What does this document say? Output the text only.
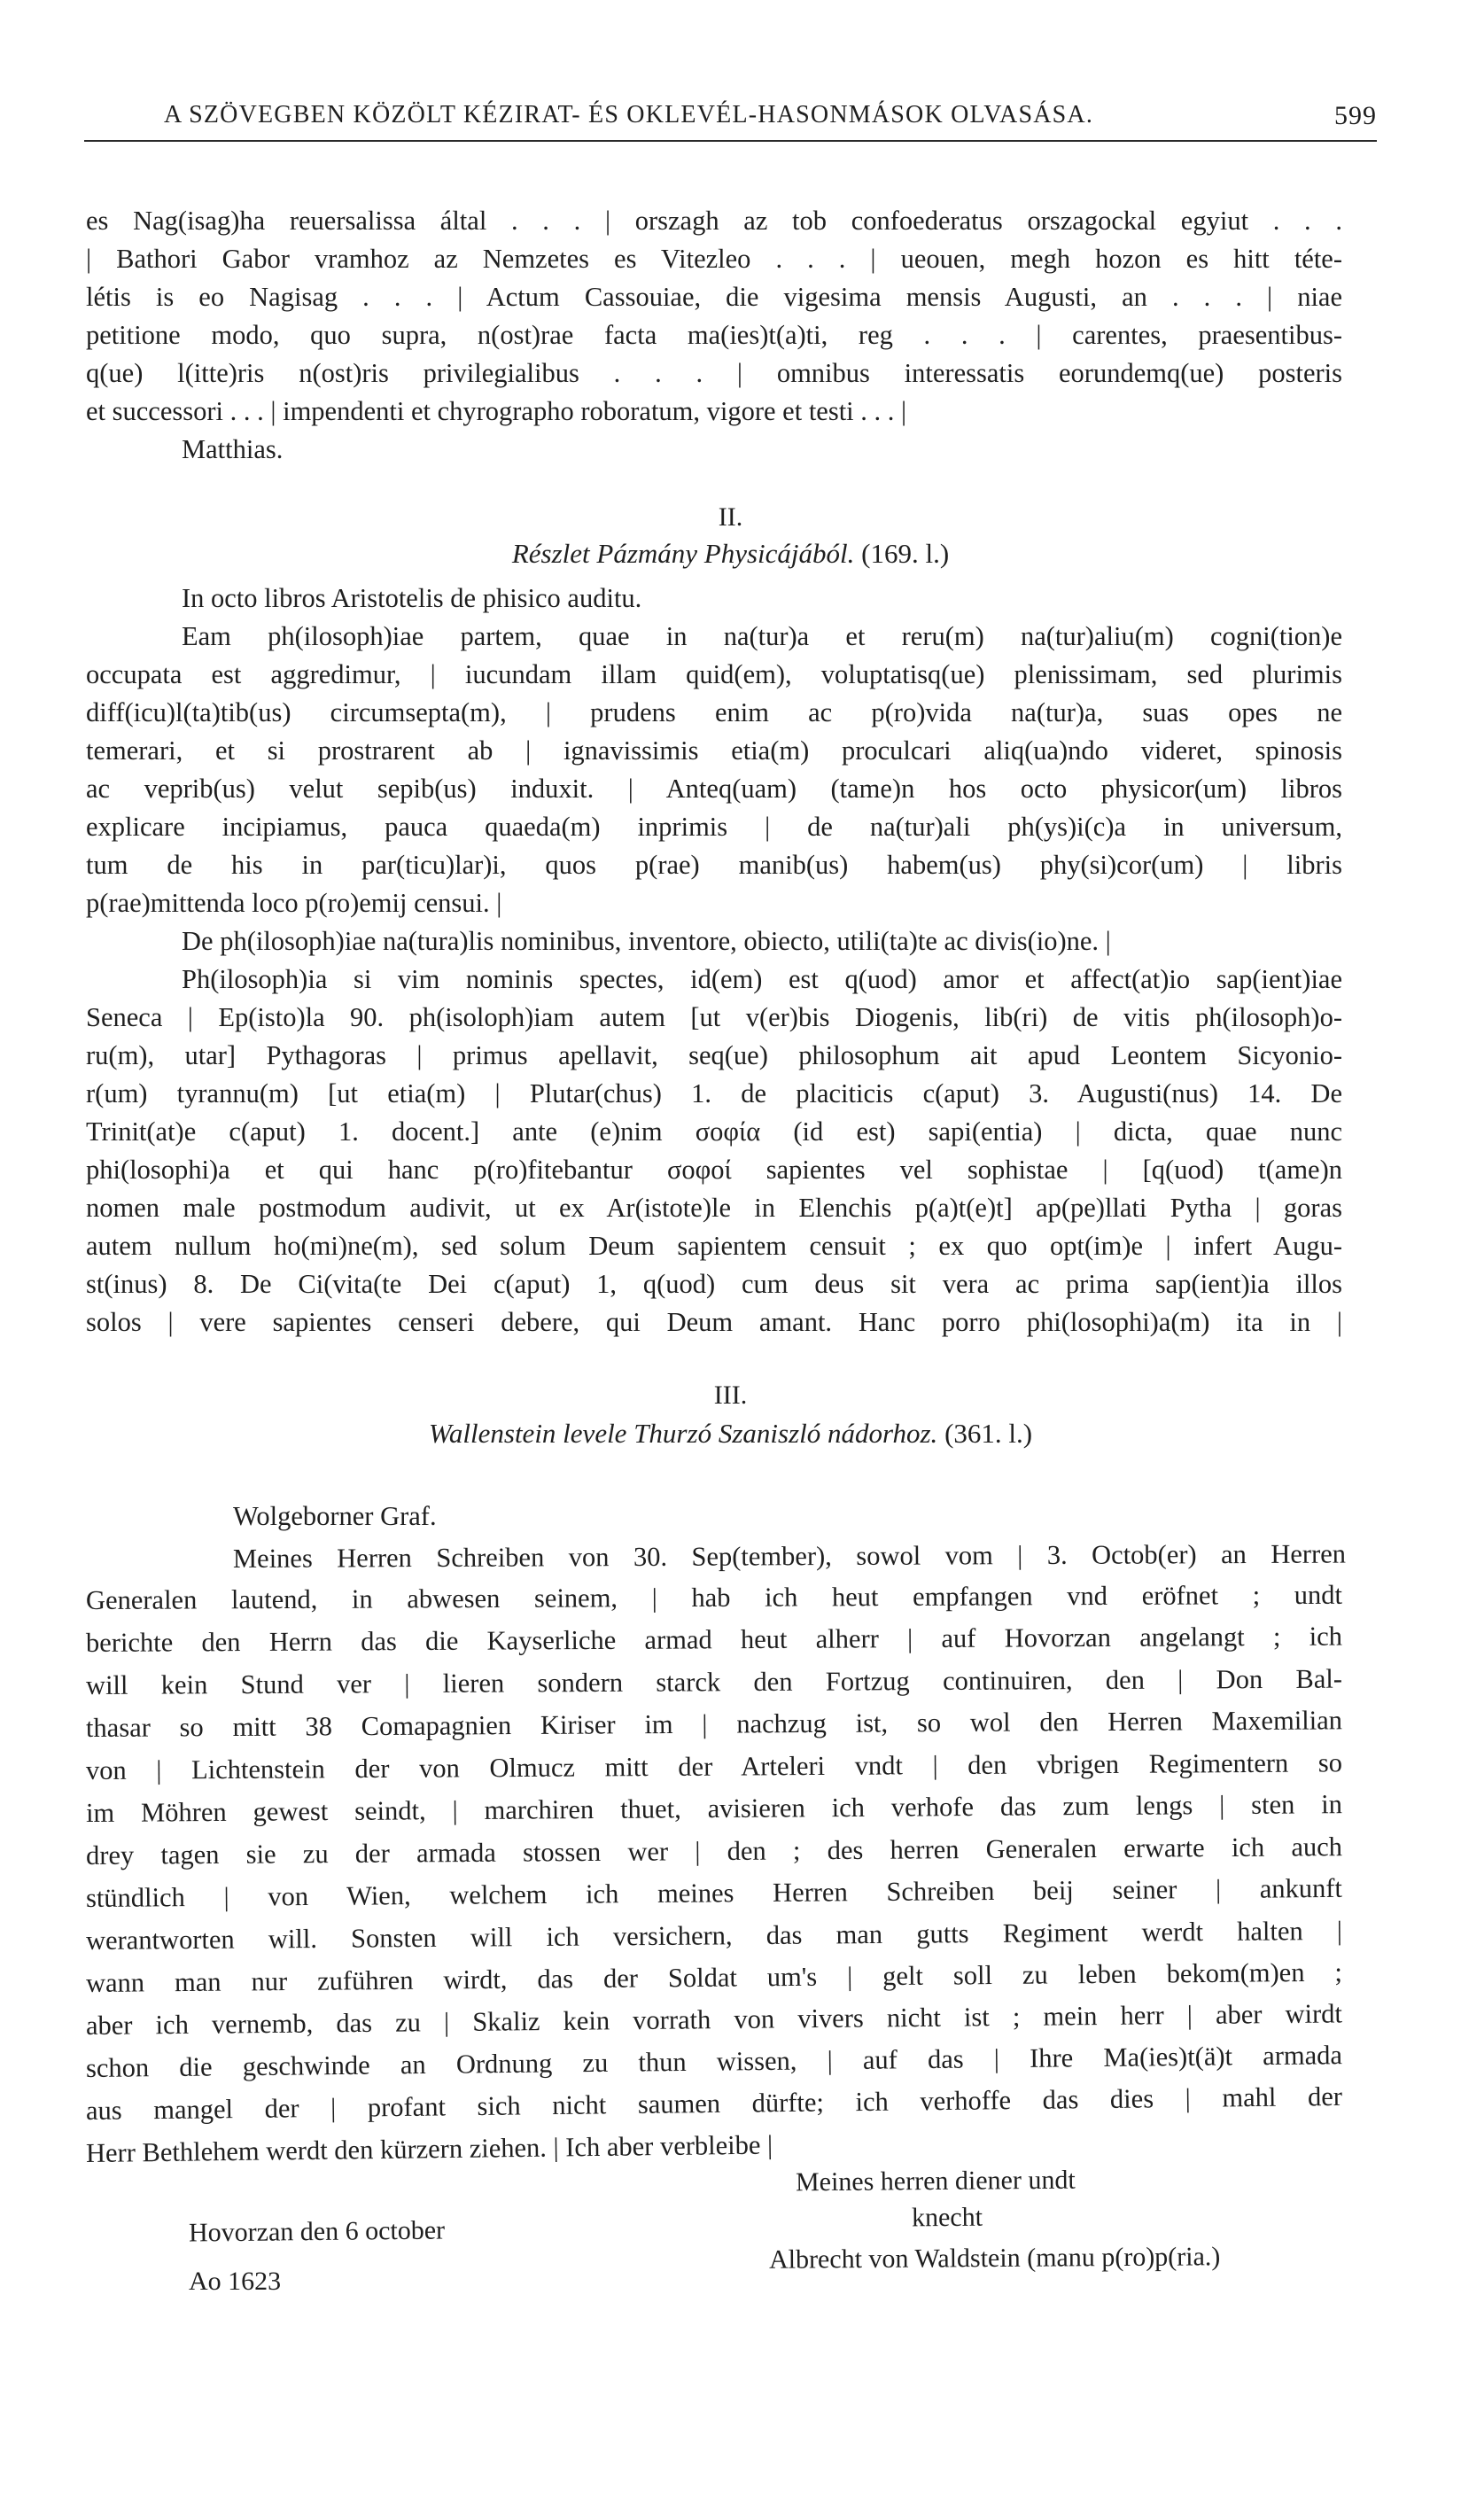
A SZÖVEGBEN KÖZÖLT KÉZIRAT- ÉS OKLEVÉL-HASONMÁSOK OLVASÁSA.	599
es Nag(isag)ha reuersalissa által . . . | orszagh az tob confoederatus orszagockal egyiut . . .
| Bathori Gabor vramhoz az Nemzetes es Vitezleo . . . | ueouen, megh hozon es hitt téte-
létis is eo Nagisag . . . | Actum Cassouiae, die vigesima mensis Augusti, an . . . | niae
petitione modo, quo supra, n(ost)rae facta ma(ies)t(a)ti, reg . . . | carentes, praesentibus-
q(ue) l(itte)ris n(ost)ris privilegialibus . . . | omnibus interessatis eorundemq(ue) posteris
et successori . . . | impendenti et chyrographo roboratum, vigore et testi . . . |
Matthias.
II.
Részlet Pázmány Physicájából. (169. l.)
In octo libros Aristotelis de phisico auditu.
Eam ph(ilosoph)iae partem, quae in na(tur)a et reru(m) na(tur)aliu(m) cogni(tion)e
occupata est aggredimur, | iucundam illam quid(em), voluptatisq(ue) plenissimam, sed plurimis
diff(icu)l(ta)tib(us) circumsepta(m), | prudens enim ac p(ro)vida na(tur)a, suas opes ne
temerari, et si prostrarent ab | ignavissimis etia(m) proculcari aliq(ua)ndo videret, spinosis
ac veprib(us) velut sepib(us) induxit. | Anteq(uam) (tame)n hos octo physicor(um) libros
explicare incipiamus, pauca quaeda(m) inprimis | de na(tur)ali ph(ys)i(c)a in universum,
tum de his in par(ticu)lar)i, quos p(rae) manib(us) habem(us) phy(si)cor(um) | libris
p(rae)mittenda loco p(ro)emij censui. |
De ph(ilosoph)iae na(tura)lis nominibus, inventore, obiecto, utili(ta)te ac divis(io)ne. |
Ph(ilosoph)ia si vim nominis spectes, id(em) est q(uod) amor et affect(at)io sap(ient)iae
Seneca | Ep(isto)la 90. ph(isoloph)iam autem [ut v(er)bis Diogenis, lib(ri) de vitis ph(ilosoph)o-
ru(m), utar] Pythagoras | primus apellavit, seq(ue) philosophum ait apud Leontem Sicyonio-
r(um) tyrannu(m) [ut etia(m) | Plutar(chus) 1. de placiticis c(aput) 3. Augusti(nus) 14. De
Trinit(at)e c(aput) 1. docent.] ante (e)nim σοφία (id est) sapi(entia) | dicta, quae nunc
phi(losophi)a et qui hanc p(ro)fitebantur σοφοί sapientes vel sophistae | [q(uod) t(ame)n
nomen male postmodum audivit, ut ex Ar(istote)le in Elenchis p(a)t(e)t] ap(pe)llati Pytha | goras
autem nullum ho(mi)ne(m), sed solum Deum sapientem censuit ; ex quo opt(im)e | infert Augu-
st(inus) 8. De Ci(vita(te Dei c(aput) 1, q(uod) cum deus sit vera ac prima sap(ient)ia illos
solos | vere sapientes censeri debere, qui Deum amant. Hanc porro phi(losophi)a(m) ita in |
III.
Wallenstein levele Thurzó Szaniszló nádorhoz. (361. l.)
Wolgeborner Graf.
Meines Herren Schreiben von 30. Sep(tember), sowol vom | 3. Octob(er) an Herren
Generalen lautend, in abwesen seinem, | hab ich heut empfangen vnd eröfnet ; undt
berichte den Herrn das die Kayserliche armad heut alherr | auf Hovorzan angelangt ; ich
will kein Stund ver | lieren sondern starck den Fortzug continuiren, den | Don Bal-
thasar so mitt 38 Comapagnien Kiriser im | nachzug ist, so wol den Herren Maxemilian
von | Lichtenstein der von Olmucz mitt der Arteleri vndt | den vbrigen Regimentern so
im Möhren gewest seindt, | marchiren thuet, avisieren ich verhofe das zum lengs | sten in
drey tagen sie zu der armada stossen wer | den ; des herren Generalen erwarte ich auch
stündlich | von Wien, welchem ich meines Herren Schreiben beij seiner | ankunft
werantworten will. Sonsten will ich versichern, das man gutts Regiment werdt halten |
wann man nur zuführen wirdt, das der Soldat um's | gelt soll zu leben bekom(m)en ;
aber ich vernemb, das zu | Skaliz kein vorrath von vivers nicht ist ; mein herr | aber wirdt
schon die geschwinde an Ordnung zu thun wissen, | auf das | Ihre Ma(ies)t(ä)t armada
aus mangel der | profant sich nicht saumen dürfte; ich verhoffe das dies | mahl der
Herr Bethlehem werdt den kürzern ziehen. | Ich aber verbleibe |
Meines herren diener undt
knecht
Hovorzan den 6 october
Ao 1623
Albrecht von Waldstein (manu p(ro)p(ria.)
